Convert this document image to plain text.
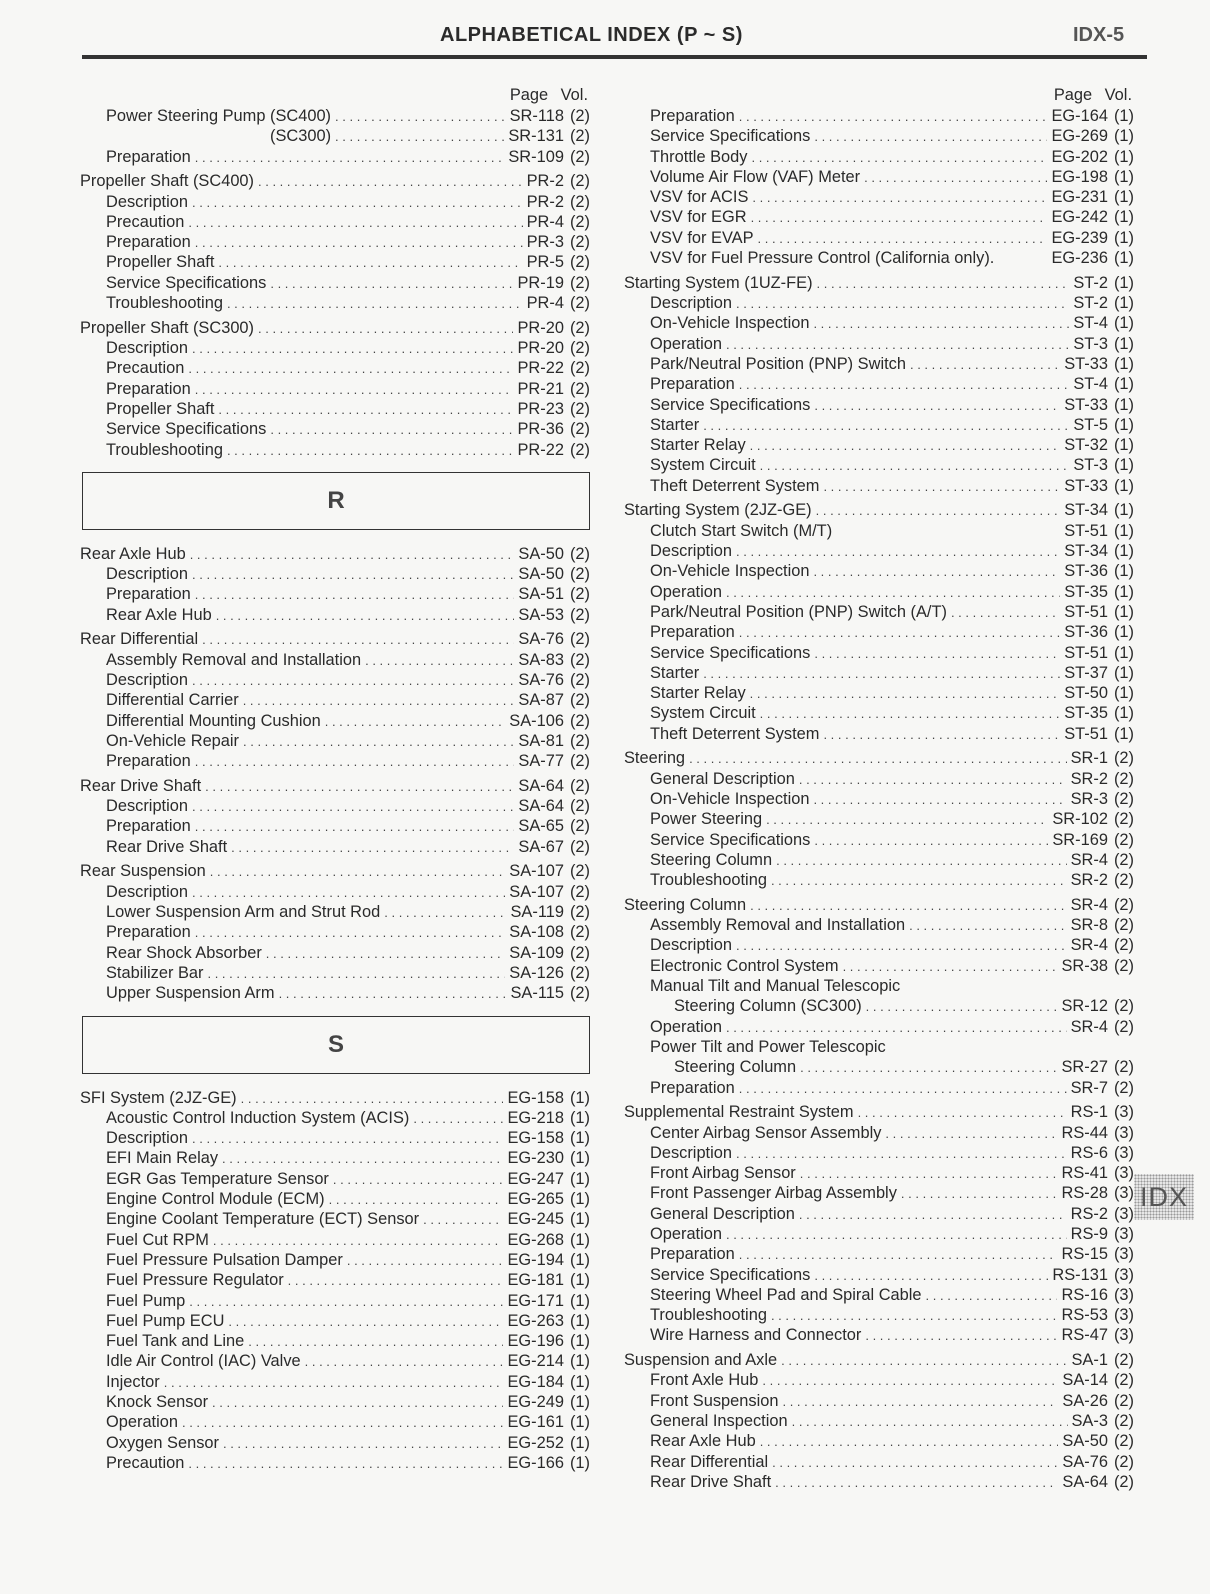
ALPHABETICAL INDEX (P ~ S)	IDX-5
Page Vol.
Power Steering Pump (SC400) . . .	SR-118 (2)
(SC300) . . .	SR-131 (2)
Preparation . . .	SR-109 (2)
Propeller Shaft (SC400) . . .	PR-2 (2)
Description . . .	PR-2 (2)
Precaution . . .	PR-4 (2)
Preparation . . .	PR-3 (2)
Propeller Shaft . . .	PR-5 (2)
Service Specifications . . .	PR-19 (2)
Troubleshooting . . .	PR-4 (2)
Propeller Shaft (SC300) . . .	PR-20 (2)
Description . . .	PR-20 (2)
Precaution . . .	PR-22 (2)
Preparation . . .	PR-21 (2)
Propeller Shaft . . .	PR-23 (2)
Service Specifications . . .	PR-36 (2)
Troubleshooting . . .	PR-22 (2)
R
Rear Axle Hub . . .	SA-50 (2)
Description . . .	SA-50 (2)
Preparation . . .	SA-51 (2)
Rear Axle Hub . . .	SA-53 (2)
Rear Differential . . .	SA-76 (2)
Assembly Removal and Installation . . .	SA-83 (2)
Description . . .	SA-76 (2)
Differential Carrier . . .	SA-87 (2)
Differential Mounting Cushion . . .	SA-106 (2)
On-Vehicle Repair . . .	SA-81 (2)
Preparation . . .	SA-77 (2)
Rear Drive Shaft . . .	SA-64 (2)
Description . . .	SA-64 (2)
Preparation . . .	SA-65 (2)
Rear Drive Shaft . . .	SA-67 (2)
Rear Suspension . . .	SA-107 (2)
Description . . .	SA-107 (2)
Lower Suspension Arm and Strut Rod . . .	SA-119 (2)
Preparation . . .	SA-108 (2)
Rear Shock Absorber . . .	SA-109 (2)
Stabilizer Bar . . .	SA-126 (2)
Upper Suspension Arm . . .	SA-115 (2)
S
SFI System (2JZ-GE) . . .	EG-158 (1)
Acoustic Control Induction System (ACIS) . . .	EG-218 (1)
Description . . .	EG-158 (1)
EFI Main Relay . . .	EG-230 (1)
EGR Gas Temperature Sensor . . .	EG-247 (1)
Engine Control Module (ECM) . . .	EG-265 (1)
Engine Coolant Temperature (ECT) Sensor . . .	EG-245 (1)
Fuel Cut RPM . . .	EG-268 (1)
Fuel Pressure Pulsation Damper . . .	EG-194 (1)
Fuel Pressure Regulator . . .	EG-181 (1)
Fuel Pump . . .	EG-171 (1)
Fuel Pump ECU . . .	EG-263 (1)
Fuel Tank and Line . . .	EG-196 (1)
Idle Air Control (IAC) Valve . . .	EG-214 (1)
Injector . . .	EG-184 (1)
Knock Sensor . . .	EG-249 (1)
Operation . . .	EG-161 (1)
Oxygen Sensor . . .	EG-252 (1)
Precaution . . .	EG-166 (1)
Page Vol.
Preparation . . .	EG-164 (1)
Service Specifications . . .	EG-269 (1)
Throttle Body . . .	EG-202 (1)
Volume Air Flow (VAF) Meter . . .	EG-198 (1)
VSV for ACIS . . .	EG-231 (1)
VSV for EGR . . .	EG-242 (1)
VSV for EVAP . . .	EG-239 (1)
VSV for Fuel Pressure Control (California only).	EG-236 (1)
Starting System (1UZ-FE) . . .	ST-2 (1)
Description . . .	ST-2 (1)
On-Vehicle Inspection . . .	ST-4 (1)
Operation . . .	ST-3 (1)
Park/Neutral Position (PNP) Switch . . .	ST-33 (1)
Preparation . . .	ST-4 (1)
Service Specifications . . .	ST-33 (1)
Starter . . .	ST-5 (1)
Starter Relay . . .	ST-32 (1)
System Circuit . . .	ST-3 (1)
Theft Deterrent System . . .	ST-33 (1)
Starting System (2JZ-GE) . . .	ST-34 (1)
Clutch Start Switch (M/T)	ST-51 (1)
Description . . .	ST-34 (1)
On-Vehicle Inspection . . .	ST-36 (1)
Operation . . .	ST-35 (1)
Park/Neutral Position (PNP) Switch (A/T) . . .	ST-51 (1)
Preparation . . .	ST-36 (1)
Service Specifications . . .	ST-51 (1)
Starter . . .	ST-37 (1)
Starter Relay . . .	ST-50 (1)
System Circuit . . .	ST-35 (1)
Theft Deterrent System . . .	ST-51 (1)
Steering . . .	SR-1 (2)
General Description . . .	SR-2 (2)
On-Vehicle Inspection . . .	SR-3 (2)
Power Steering . . .	SR-102 (2)
Service Specifications . . .	SR-169 (2)
Steering Column . . .	SR-4 (2)
Troubleshooting . . .	SR-2 (2)
Steering Column . . .	SR-4 (2)
Assembly Removal and Installation . . .	SR-8 (2)
Description . . .	SR-4 (2)
Electronic Control System . . .	SR-38 (2)
Manual Tilt and Manual Telescopic
Steering Column (SC300) . . .	SR-12 (2)
Operation . . .	SR-4 (2)
Power Tilt and Power Telescopic
Steering Column . . .	SR-27 (2)
Preparation . . .	SR-7 (2)
Supplemental Restraint System . . .	RS-1 (3)
Center Airbag Sensor Assembly . . .	RS-44 (3)
Description . . .	RS-6 (3)
Front Airbag Sensor . . .	RS-41 (3)
Front Passenger Airbag Assembly . . .	RS-28 (3)
General Description . . .	RS-2 (3)
Operation . . .	RS-9 (3)
Preparation . . .	RS-15 (3)
Service Specifications . . .	RS-131 (3)
Steering Wheel Pad and Spiral Cable . . .	RS-16 (3)
Troubleshooting . . .	RS-53 (3)
Wire Harness and Connector . . .	RS-47 (3)
Suspension and Axle . . .	SA-1 (2)
Front Axle Hub . . .	SA-14 (2)
Front Suspension . . .	SA-26 (2)
General Inspection . . .	SA-3 (2)
Rear Axle Hub . . .	SA-50 (2)
Rear Differential . . .	SA-76 (2)
Rear Drive Shaft . . .	SA-64 (2)
IDX
